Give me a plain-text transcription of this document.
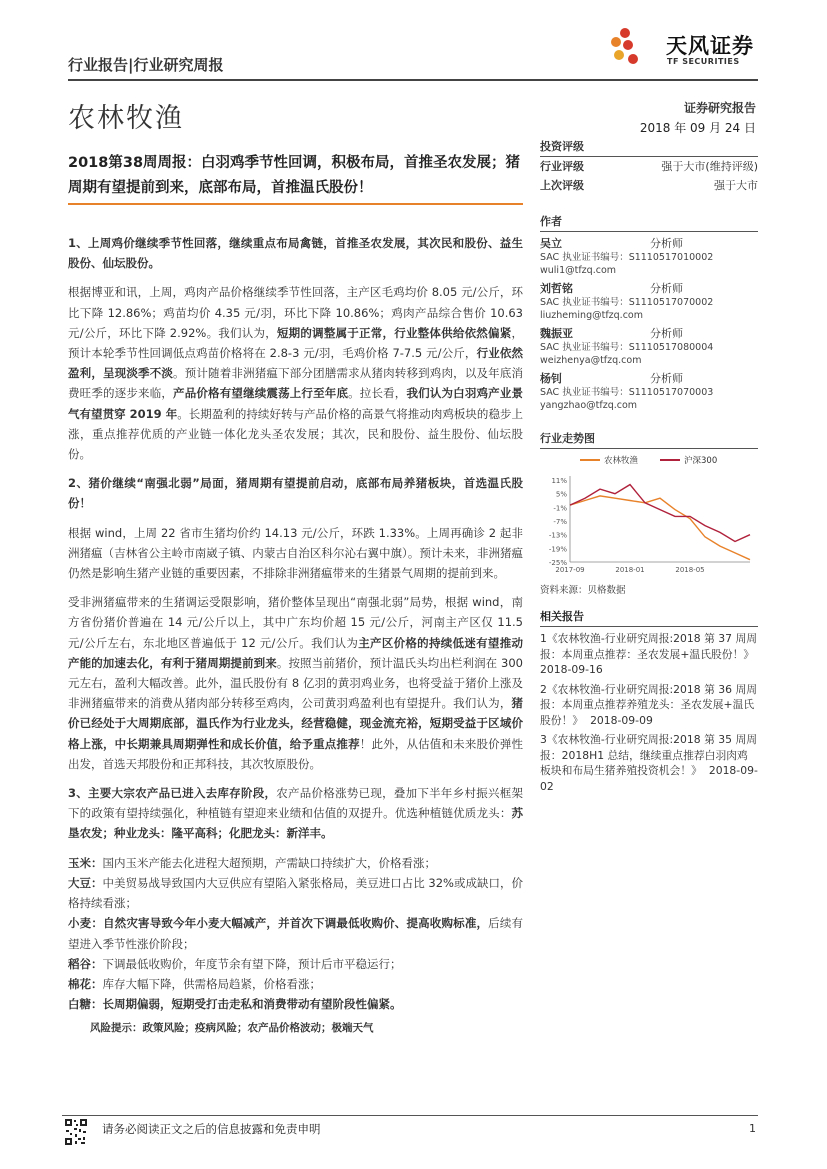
天风证券
TF SECURITIES
行业报告|行业研究周报
农林牧渔	证券研究报告
2018 年 09 月 24 日
2018第38周周报：白羽鸡季节性回调，积极布局，首推圣农发展；猪周期有望提前到来，底部布局，首推温氏股份！

1、上周鸡价继续季节性回落，继续重点布局禽链，首推圣农发展，其次民和股份、益生股份、仙坛股份。

根据博亚和讯，上周，鸡肉产品价格继续季节性回落，主产区毛鸡均价 8.05 元/公斤，环比下降 12.86%；鸡苗均价 4.35 元/羽，环比下降 10.86%；鸡肉产品综合售价 10.63 元/公斤，环比下降 2.92%。我们认为，短期的调整属于正常，行业整体供给依然偏紧，预计本轮季节性回调低点鸡苗价格将在 2.8-3 元/羽，毛鸡价格 7-7.5 元/公斤，行业依然盈利，呈现淡季不淡。预计随着非洲猪瘟下部分团膳需求从猪肉转移到鸡肉，以及年底消费旺季的逐步来临，产品价格有望继续震荡上行至年底。拉长看，我们认为白羽鸡产业景气有望贯穿 2019 年。长期盈利的持续好转与产品价格的高景气将推动肉鸡板块的稳步上涨，重点推荐优质的产业链一体化龙头圣农发展；其次，民和股份、益生股份、仙坛股份。

2、猪价继续“南强北弱”局面，猪周期有望提前启动，底部布局养猪板块，首选温氏股份！

根据 wind，上周 22 省市生猪均价约 14.13 元/公斤，环跌 1.33%。上周再确诊 2 起非洲猪瘟（吉林省公主岭市南崴子镇、内蒙古自治区科尔沁右翼中旗）。预计未来，非洲猪瘟仍然是影响生猪产业链的重要因素，不排除非洲猪瘟带来的生猪景气周期的提前到来。

受非洲猪瘟带来的生猪调运受限影响，猪价整体呈现出“南强北弱”局势，根据 wind，南方省份猪价普遍在 14 元/公斤以上，其中广东均价超 15 元/公斤，河南主产区仅 11.5 元/公斤左右，东北地区普遍低于 12 元/公斤。我们认为主产区价格的持续低迷有望推动产能的加速去化，有利于猪周期提前到来。按照当前猪价，预计温氏头均出栏利润在 300 元左右，盈利大幅改善。此外，温氏股份有 8 亿羽的黄羽鸡业务，也将受益于猪价上涨及非洲猪瘟带来的消费从猪肉部分转移至鸡肉，公司黄羽鸡盈利也有望提升。我们认为，猪价已经处于大周期底部，温氏作为行业龙头，经营稳健，现金流充裕，短期受益于区域价格上涨，中长期兼具周期弹性和成长价值，给予重点推荐！此外，从估值和未来股价弹性出发，首选天邦股份和正邦科技，其次牧原股份。

3、主要大宗农产品已进入去库存阶段，农产品价格涨势已现，叠加下半年乡村振兴框架下的政策有望持续强化，种植链有望迎来业绩和估值的双提升。优选种植链优质龙头：苏垦农发；种业龙头：隆平高科；化肥龙头：新洋丰。

玉米：国内玉米产能去化进程大超预期，产需缺口持续扩大，价格看涨；

大豆：中美贸易战导致国内大豆供应有望陷入紧张格局，美豆进口占比 32%或成缺口，价格持续看涨；

小麦：自然灾害导致今年小麦大幅减产，并首次下调最低收购价、提高收购标准，后续有望进入季节性涨价阶段；

稻谷：下调最低收购价，年度节余有望下降，预计后市平稳运行；

棉花：库存大幅下降，供需格局趋紧，价格看涨；

白糖：长周期偏弱，短期受打击走私和消费带动有望阶段性偏紧。

风险提示：政策风险；疫病风险；农产品价格波动；极端天气

投资评级
行业评级	强于大市(维持评级)
上次评级	强于大市
作者
吴立	分析师
SAC 执业证书编号：S1110517010002
wuli1@tfzq.com
刘哲铭	分析师
SAC 执业证书编号：S1110517070002
liuzheming@tfzq.com
魏振亚	分析师
SAC 执业证书编号：S1110517080004
weizhenya@tfzq.com
杨钊	分析师
SAC 执业证书编号：S1110517070003
yangzhao@tfzq.com
行业走势图
农林牧渔	沪深300
11%
5%
-1%
-7%
-13%
-19%
-25%
2017-09	2018-01	2018-05
资料来源：贝格数据
相关报告
1《农林牧渔-行业研究周报:2018 第 37 周周报：本周重点推荐：圣农发展+温氏股份！》  2018-09-16
2《农林牧渔-行业研究周报:2018 第 36 周周报：本周重点推荐养殖龙头：圣农发展+温氏股份！》 2018-09-09
3《农林牧渔-行业研究周报:2018 第 35 周周报：2018H1 总结，继续重点推荐白羽肉鸡板块和布局生猪养殖投资机会！》 2018-09-02
请务必阅读正文之后的信息披露和免责申明	1
